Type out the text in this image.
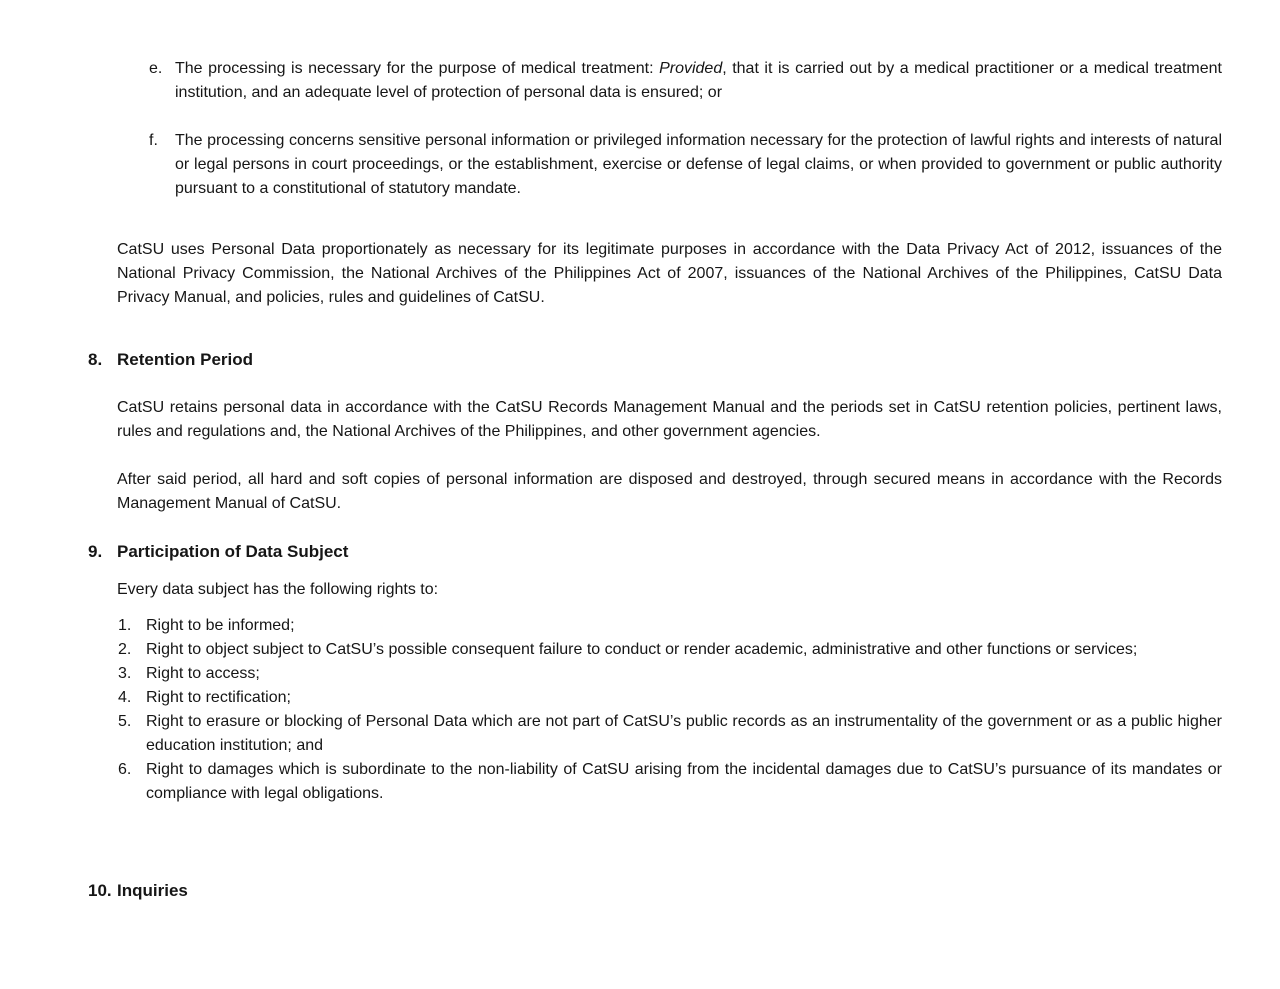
e. The processing is necessary for the purpose of medical treatment: Provided, that it is carried out by a medical practitioner or a medical treatment institution, and an adequate level of protection of personal data is ensured; or
f.	The processing concerns sensitive personal information or privileged information necessary for the protection of lawful rights and interests of natural or legal persons in court proceedings, or the establishment, exercise or defense of legal claims, or when provided to government or public authority pursuant to a constitutional of statutory mandate.
CatSU uses Personal Data proportionately as necessary for its legitimate purposes in accordance with the Data Privacy Act of 2012, issuances of the National Privacy Commission, the National Archives of the Philippines Act of 2007, issuances of the National Archives of the Philippines, CatSU Data Privacy Manual, and policies, rules and guidelines of CatSU.
8. Retention Period
CatSU retains personal data in accordance with the CatSU Records Management Manual and the periods set in CatSU retention policies, pertinent laws, rules and regulations and, the National Archives of the Philippines, and other government agencies.
After said period, all hard and soft copies of personal information are disposed and destroyed, through secured means in accordance with the Records Management Manual of CatSU.
9. Participation of Data Subject
Every data subject has the following rights to:
1. Right to be informed;
2. Right to object subject to CatSU’s possible consequent failure to conduct or render academic, administrative and other functions or services;
3. Right to access;
4. Right to rectification;
5. Right to erasure or blocking of Personal Data which are not part of CatSU’s public records as an instrumentality of the government or as a public higher education institution; and
6. Right to damages which is subordinate to the non-liability of CatSU arising from the incidental damages due to CatSU’s pursuance of its mandates or compliance with legal obligations.
10. Inquiries
